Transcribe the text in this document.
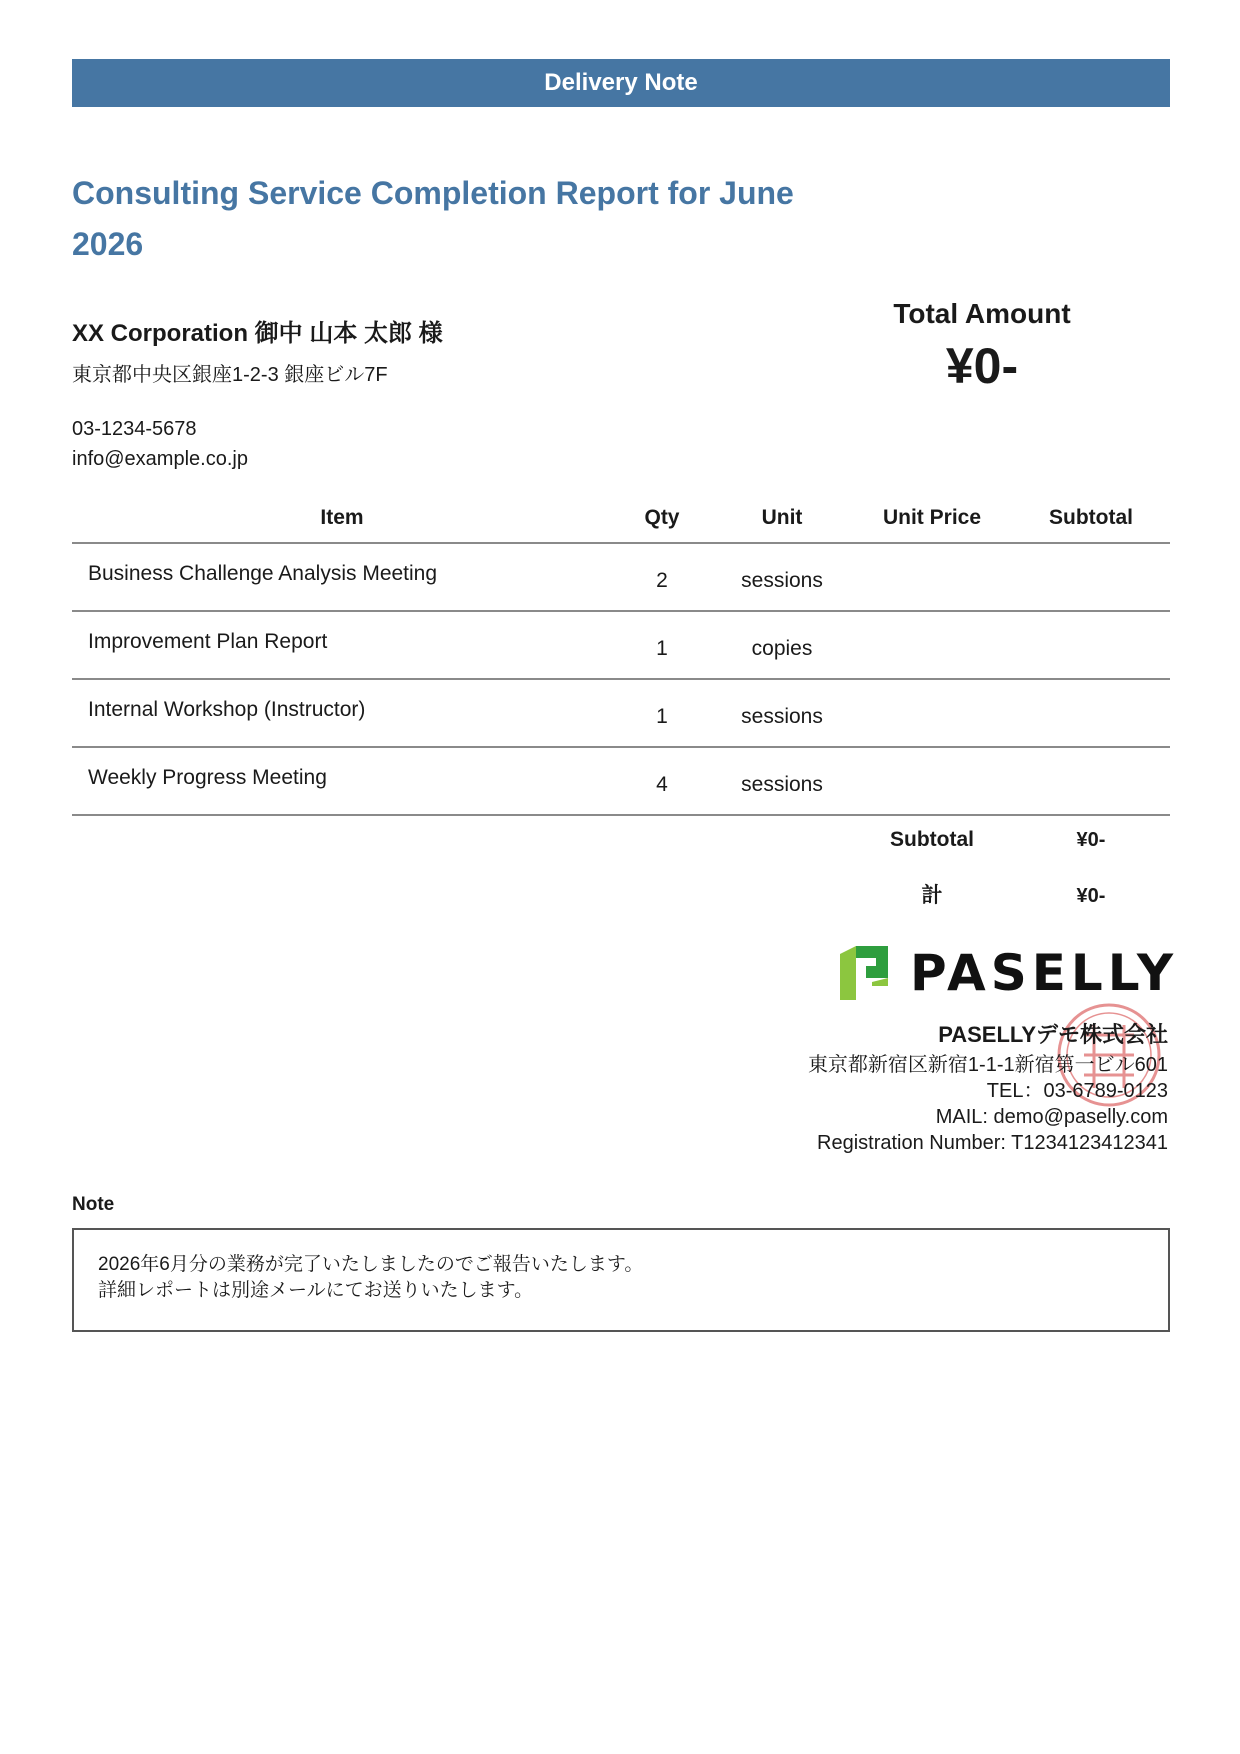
Delivery Note
Consulting Service Completion Report for June
2026
XX Corporation 御中 山本 太郎 様
東京都中央区銀座1-2-3 銀座ビル7F
03-1234-5678
info@example.co.jp
Total Amount
¥0-
Item	Qty	Unit	Unit Price	Subtotal
Business Challenge Analysis Meeting	2	sessions
Improvement Plan Report	1	copies
Internal Workshop (Instructor)	1	sessions
Weekly Progress Meeting	4	sessions
Subtotal	¥0-
計	¥0-
PASELLY
PASELLYデモ株式会社
東京都新宿区新宿1-1-1新宿第一ビル601
TEL：03-6789-0123
MAIL: demo@paselly.com
Registration Number: T1234123412341
Note
2026年6月分の業務が完了いたしましたのでご報告いたします。
詳細レポートは別途メールにてお送りいたします。
